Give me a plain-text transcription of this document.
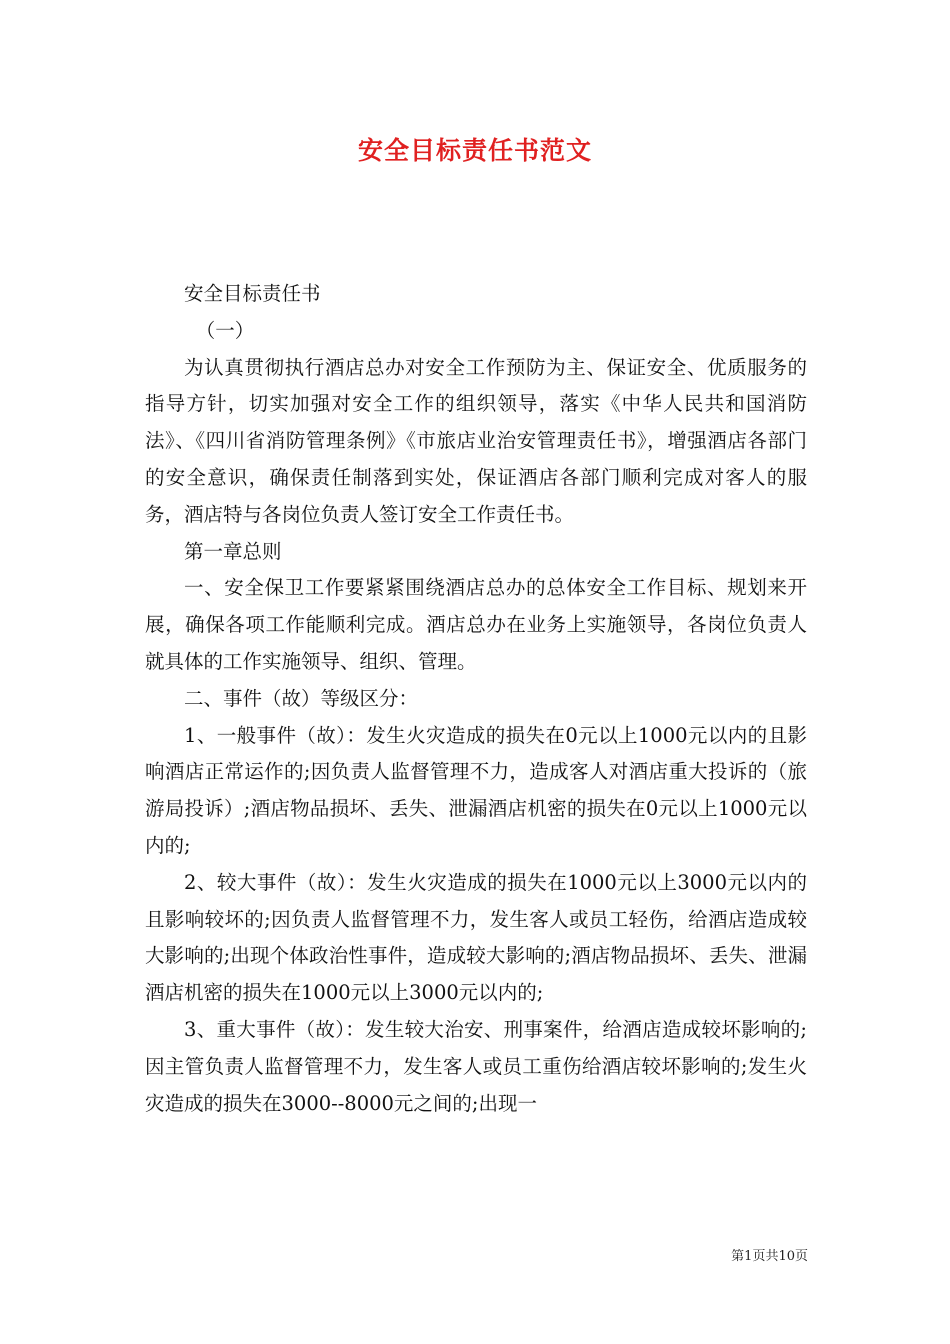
安全目标责任书范文

安全目标责任书

（一）

为认真贯彻执行酒店总办对安全工作预防为主、保证安全、优质服务的指导方针，切实加强对安全工作的组织领导，落实《中华人民共和国消防法》、《四川省消防管理条例》《市旅店业治安管理责任书》，增强酒店各部门的安全意识，确保责任制落到实处，保证酒店各部门顺利完成对客人的服务，酒店特与各岗位负责人签订安全工作责任书。

第一章总则

一、安全保卫工作要紧紧围绕酒店总办的总体安全工作目标、规划来开展，确保各项工作能顺利完成。酒店总办在业务上实施领导，各岗位负责人就具体的工作实施领导、组织、管理。

二、事件（故）等级区分：

1、一般事件（故）：发生火灾造成的损失在0元以上1000元以内的且影响酒店正常运作的;因负责人监督管理不力，造成客人对酒店重大投诉的（旅游局投诉）;酒店物品损坏、丢失、泄漏酒店机密的损失在0元以上1000元以内的;

2、较大事件（故）：发生火灾造成的损失在1000元以上3000元以内的且影响较坏的;因负责人监督管理不力，发生客人或员工轻伤，给酒店造成较大影响的;出现个体政治性事件，造成较大影响的;酒店物品损坏、丢失、泄漏酒店机密的损失在1000元以上3000元以内的;

3、重大事件（故）：发生较大治安、刑事案件，给酒店造成较坏影响的;因主管负责人监督管理不力，发生客人或员工重伤给酒店较坏影响的;发生火灾造成的损失在3000--8000元之间的;出现一

第1页共10页
